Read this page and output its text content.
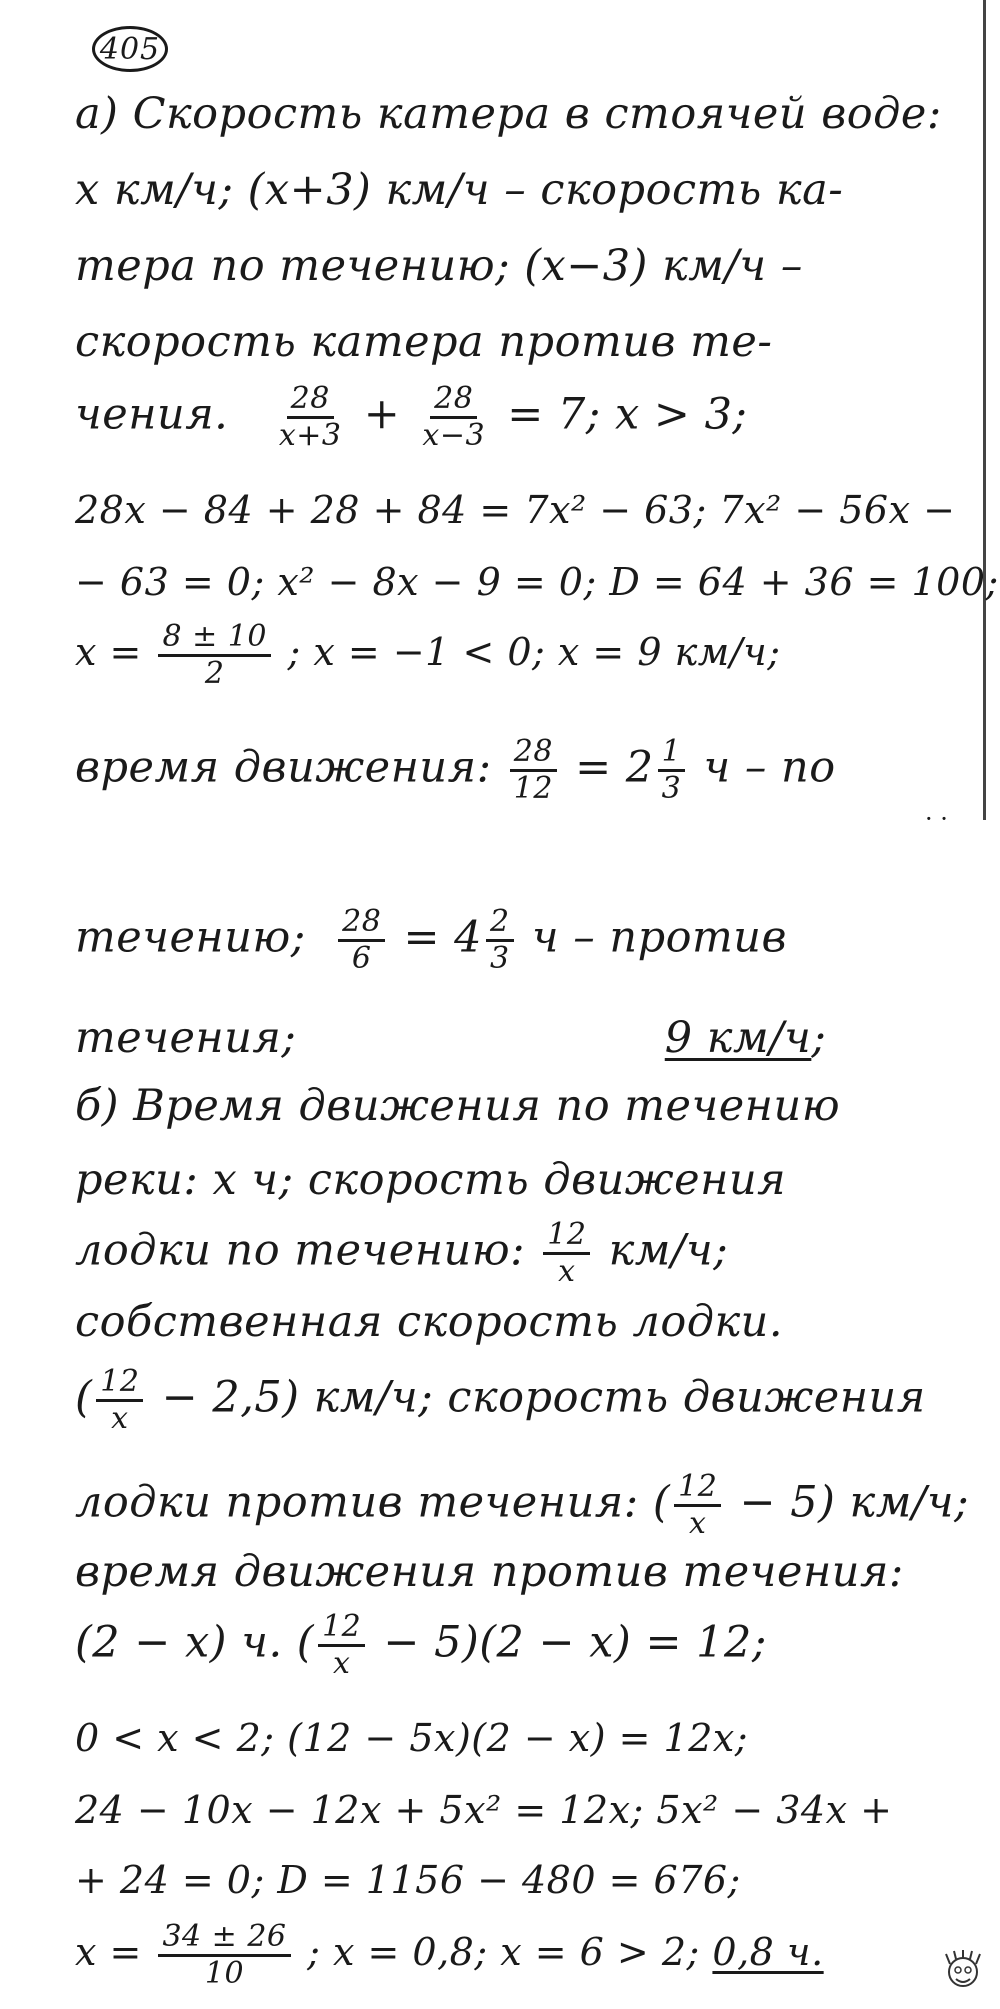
405
· ·
а) Скорость катера в стоячей воде:
x км/ч; (x+3) км/ч – скорость ка-
тера по течению; (x−3) км/ч –
скорость катера против те-
чения. $\frac{28}{x+3} + \frac{28}{x-3} = 7$; x > 3;
28x − 84 + 28 + 84 = 7x² − 63; 7x² − 56x −
− 63 = 0; x² − 8x − 9 = 0; D = 64 + 36 = 100;
$x = \frac{8 \pm 10}{2}$ ; x = −1 < 0; x = 9 км/ч;
время движения: $\frac{28}{12} = 2 \frac{1}{3}$ ч – по
течению; $\frac{28}{6} = 4 \frac{2}{3}$ ч – против
течения;	9 км/ч;
б) Время движения по течению
реки: x ч; скорость движения
лодки по течению: $\frac{12}{x} км/ч$;
собственная скорость лодки.
( $\frac{12}{x} - 2,5$) км/ч; скорость движения
лодки против течения: ( $\frac{12}{x} - 5$) км/ч;
время движения против течения:
(2 − x) ч. ( $\frac{12}{x} - 5)(2 - x) = 12$;
0 < x < 2; (12 − 5x)(2 − x) = 12x;
24 − 10x − 12x + 5x² = 12x; 5x² − 34x +
+ 24 = 0; D = 1156 − 480 = 676;
$x = \frac{34 \pm 26}{10}$ ; x = 0,8; x = 6 > 2; 0,8 ч.
